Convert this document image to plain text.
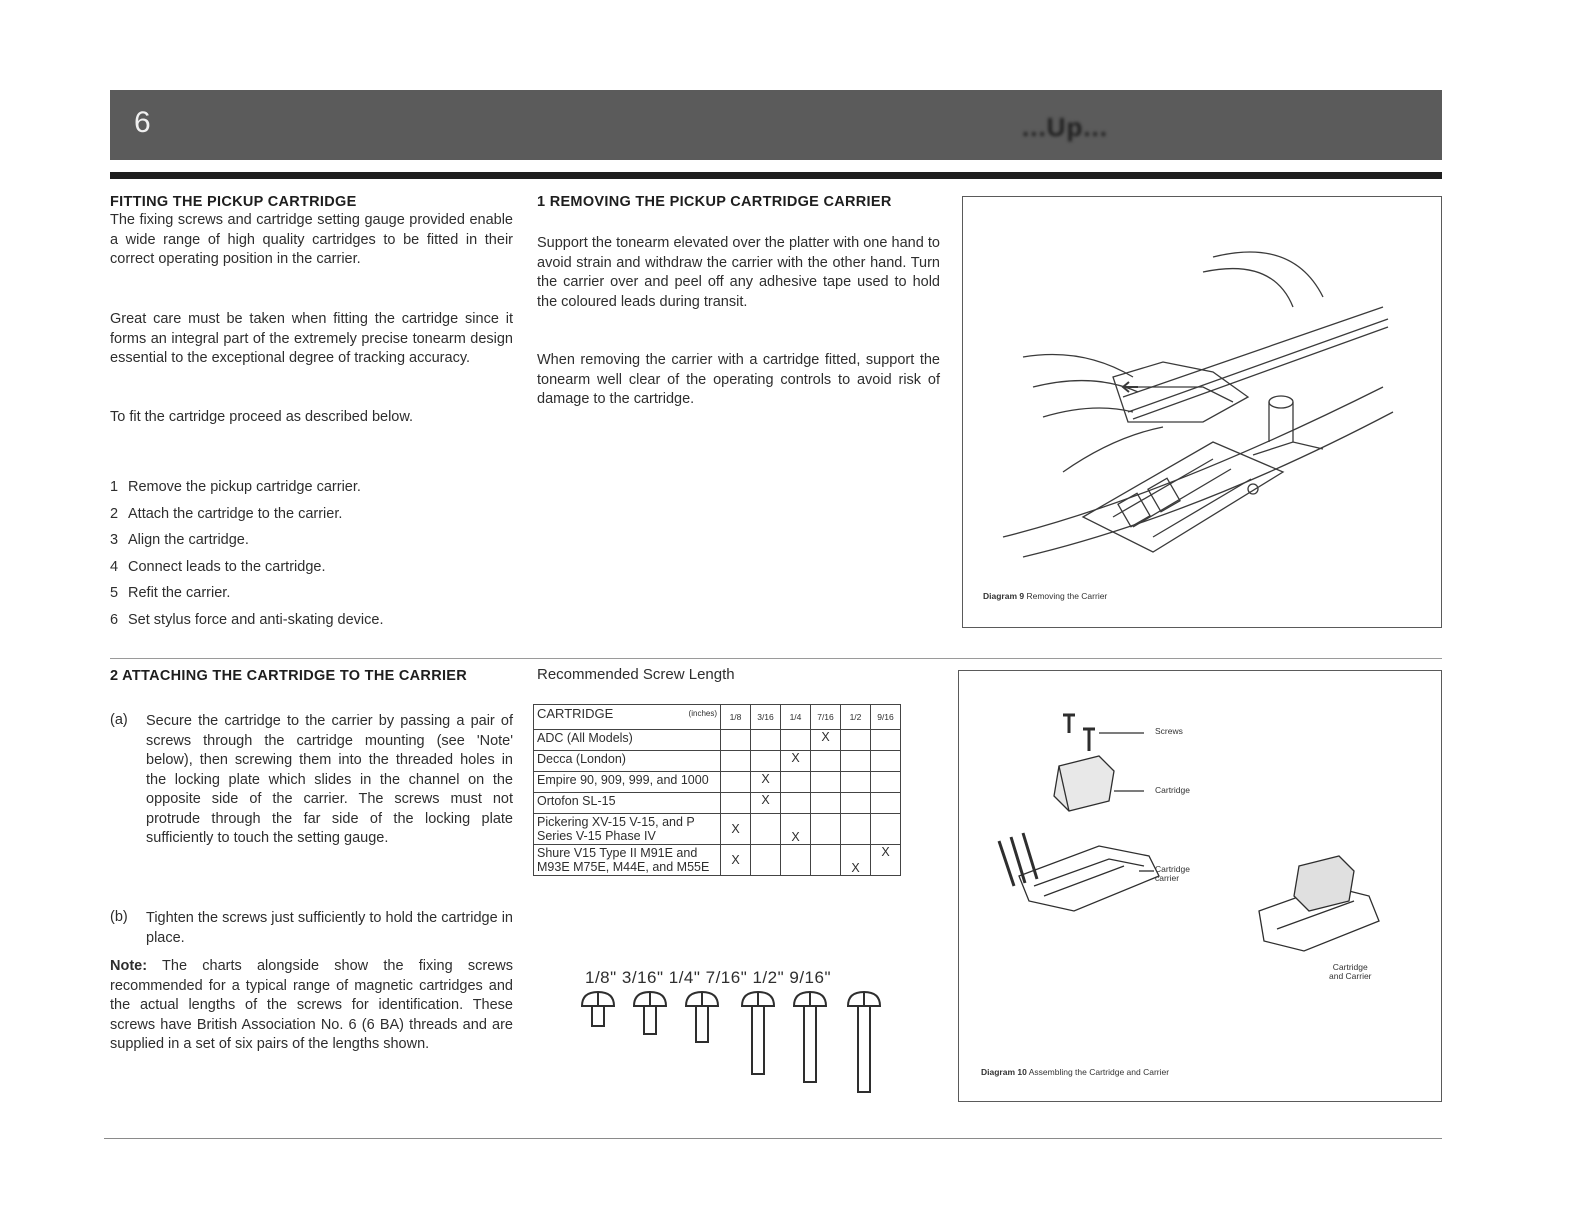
6	...Up...
FITTING THE PICKUP CARTRIDGE
The fixing screws and cartridge setting gauge provided enable a wide range of high quality cartridges to be fitted in their correct operating position in the carrier.
Great care must be taken when fitting the cartridge since it forms an integral part of the extremely precise tonearm design essential to the exceptional degree of tracking accuracy.
To fit the cartridge proceed as described below.
1 Remove the pickup cartridge carrier.
2 Attach the cartridge to the carrier.
3 Align the cartridge.
4 Connect leads to the cartridge.
5 Refit the carrier.
6 Set stylus force and anti-skating device.
1 REMOVING THE PICKUP CARTRIDGE CARRIER
Support the tonearm elevated over the platter with one hand to avoid strain and withdraw the carrier with the other hand. Turn the carrier over and peel off any adhesive tape used to hold the coloured leads during transit.
When removing the carrier with a cartridge fitted, support the tonearm well clear of the operating controls to avoid risk of damage to the cartridge.
Diagram 9 Removing the Carrier
2 ATTACHING THE CARTRIDGE TO THE CARRIER
(a) Secure the cartridge to the carrier by passing a pair of screws through the cartridge mounting (see 'Note' below), then screwing them into the threaded holes in the locking plate which slides in the channel on the opposite side of the carrier. The screws must not protrude through the far side of the locking plate sufficiently to touch the setting gauge.
(b) Tighten the screws just sufficiently to hold the cartridge in place.
Note: The charts alongside show the fixing screws recommended for a typical range of magnetic cartridges and the actual lengths of the screws for identification. These screws have British Association No. 6 (6 BA) threads and are supplied in a set of six pairs of the lengths shown.
Recommended Screw Length
CARTRIDGE (inches)	1/8	3/16	1/4	7/16	1/2	9/16
ADC (All Models)				X		
Decca (London)			X			
Empire 90, 909, 999, and 1000		X				
Ortofon SL-15		X				
Pickering XV-15 V-15, and P Series V-15 Phase IV	X		X			
Shure V15 Type II M91E and M93E M75E, M44E, and M55E	X				X	X
1/8" 3/16" 1/4" 7/16" 1/2" 9/16"
Screws
Cartridge
Cartridge
carrier
Cartridge
and Carrier
Diagram 10 Assembling the Cartridge and Carrier
